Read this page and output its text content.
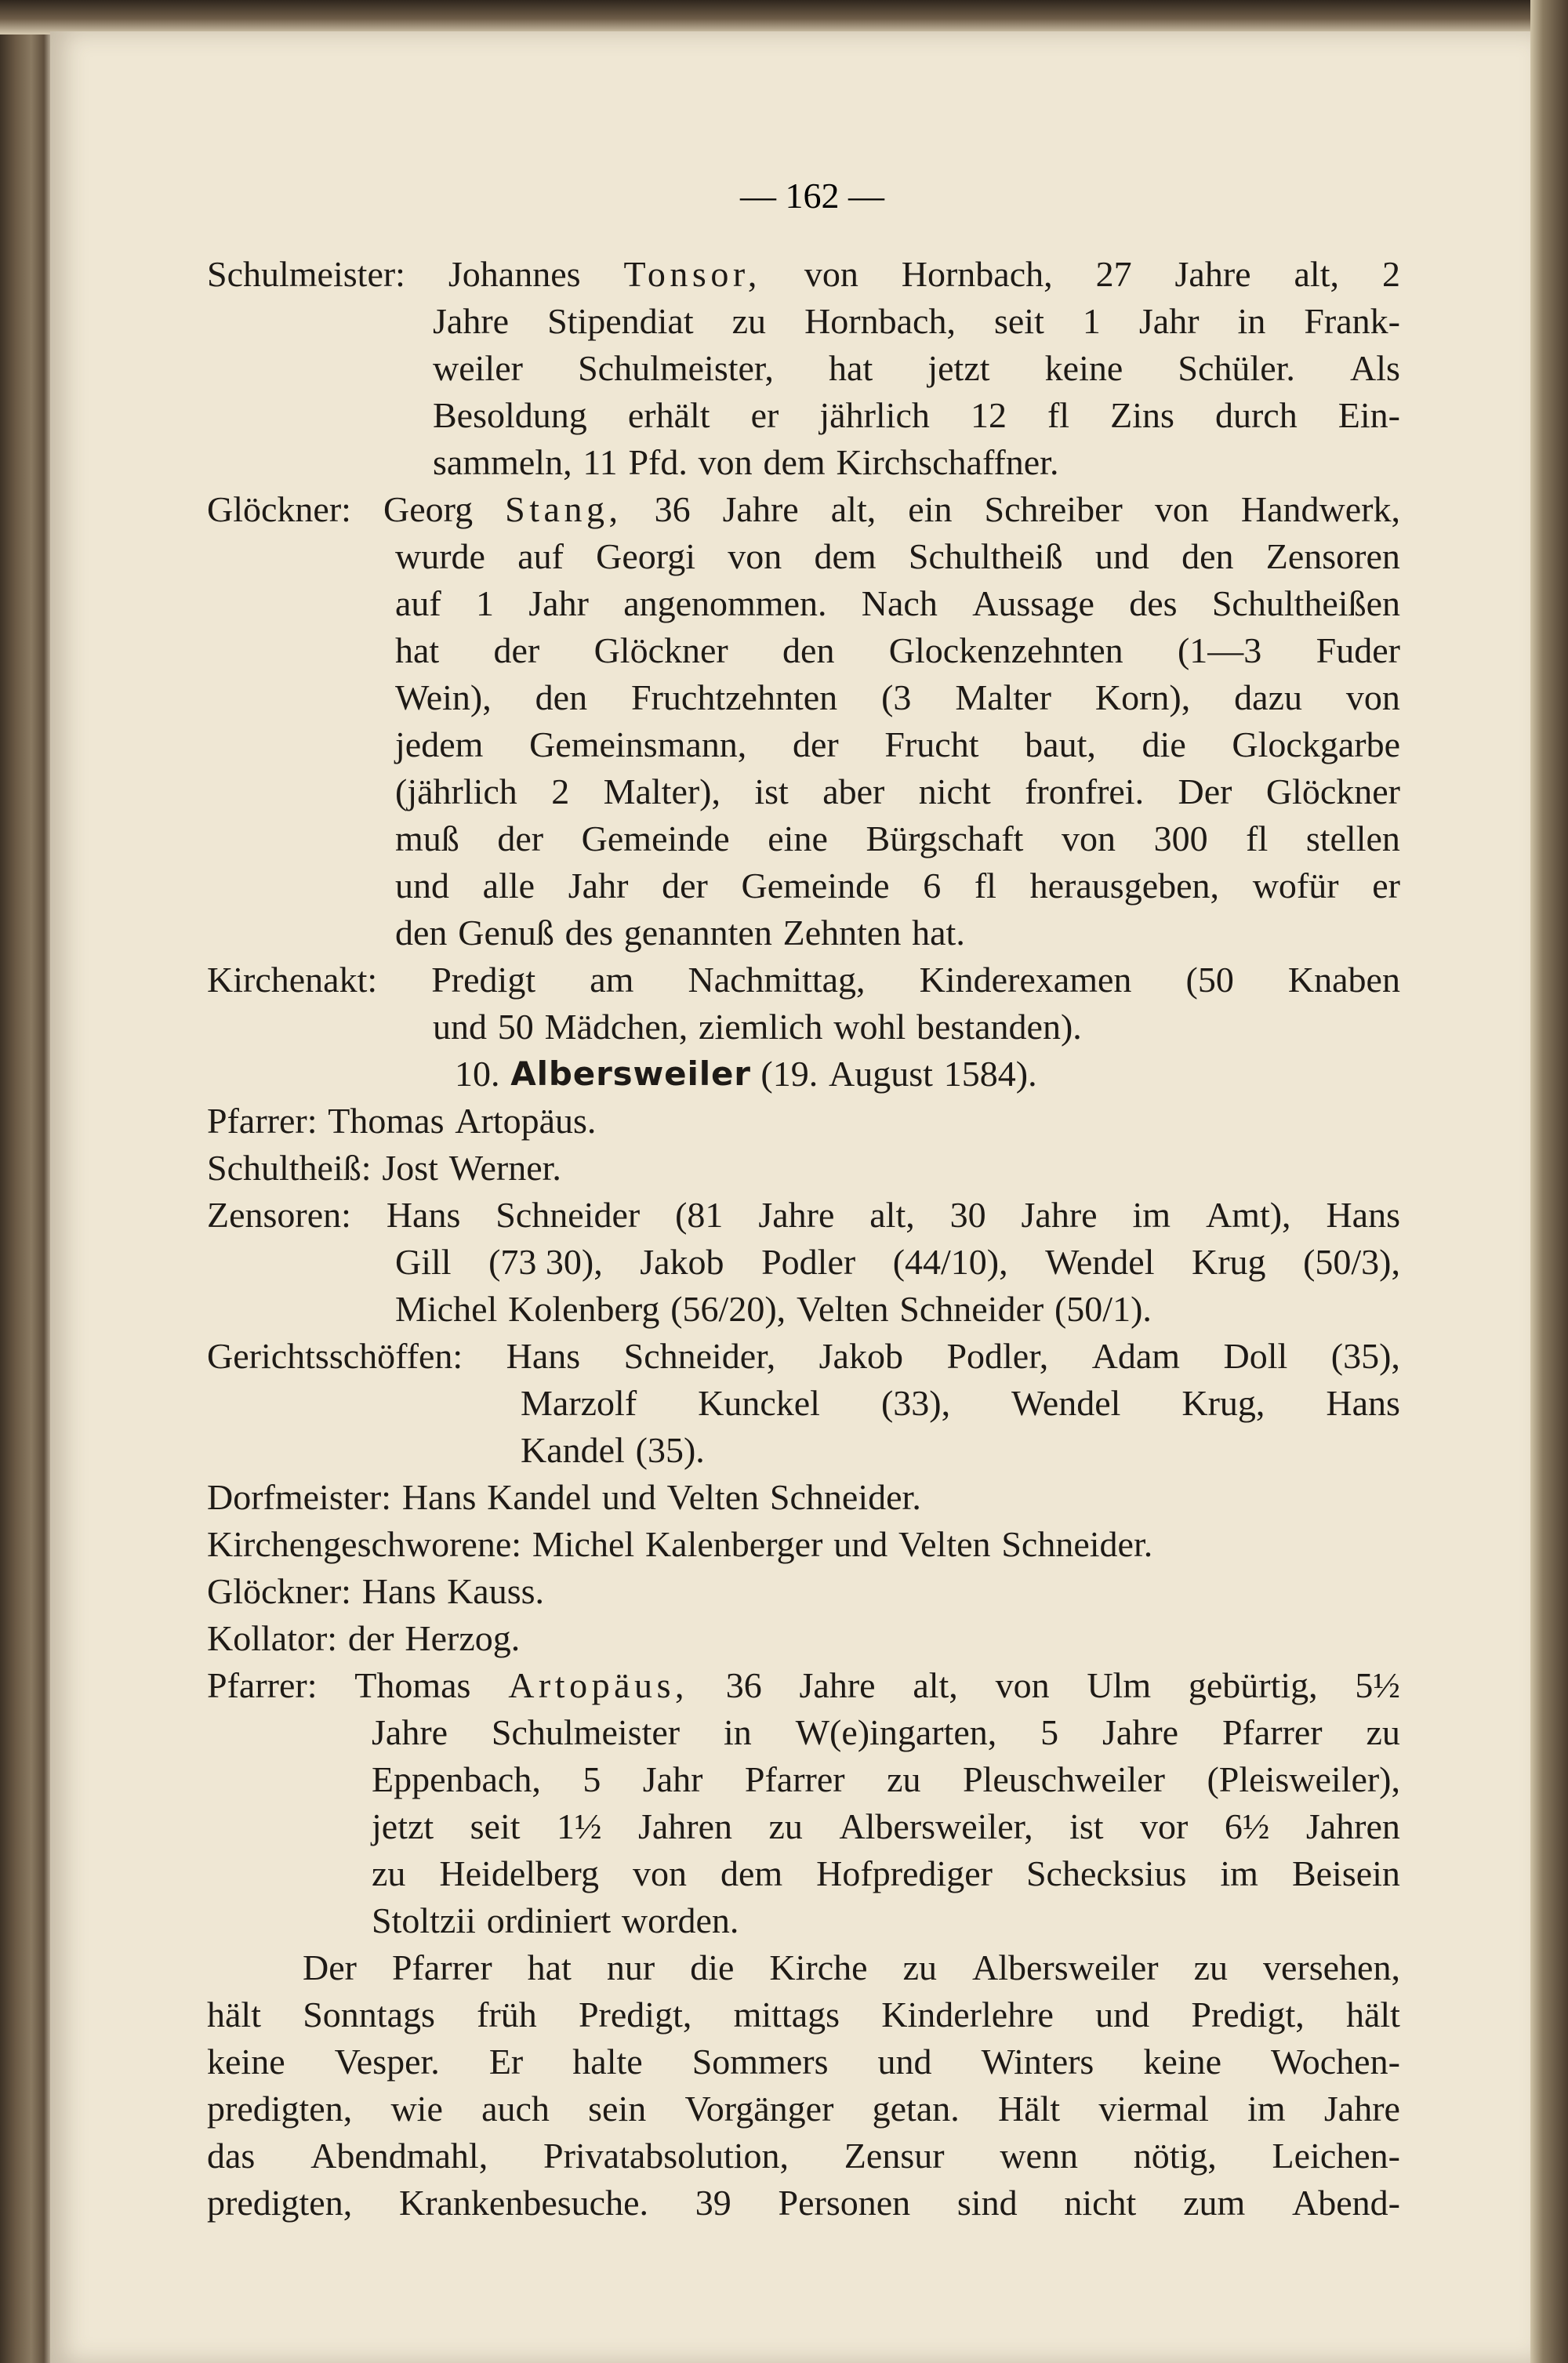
— 162 —
Schulmeister: Johannes Tonsor, von Hornbach, 27 Jahre alt, 2
Jahre Stipendiat zu Hornbach, seit 1 Jahr in Frank-
weiler Schulmeister, hat jetzt keine Schüler. Als
Besoldung erhält er jährlich 12 fl Zins durch Ein-
sammeln, 11 Pfd. von dem Kirchschaffner.
Glöckner: Georg Stang, 36 Jahre alt, ein Schreiber von Handwerk,
wurde auf Georgi von dem Schultheiß und den Zensoren
auf 1 Jahr angenommen. Nach Aussage des Schultheißen
hat der Glöckner den Glockenzehnten (1—3 Fuder
Wein), den Fruchtzehnten (3 Malter Korn), dazu von
jedem Gemeinsmann, der Frucht baut, die Glockgarbe
(jährlich 2 Malter), ist aber nicht fronfrei. Der Glöckner
muß der Gemeinde eine Bürgschaft von 300 fl stellen
und alle Jahr der Gemeinde 6 fl herausgeben, wofür er
den Genuß des genannten Zehnten hat.
Kirchenakt: Predigt am Nachmittag, Kinderexamen (50 Knaben
und 50 Mädchen, ziemlich wohl bestanden).
10. Albersweiler (19. August 1584).
Pfarrer: Thomas Artopäus.
Schultheiß: Jost Werner.
Zensoren: Hans Schneider (81 Jahre alt, 30 Jahre im Amt), Hans
Gill (73 30), Jakob Podler (44/10), Wendel Krug (50/3),
Michel Kolenberg (56/20), Velten Schneider (50/1).
Gerichtsschöffen: Hans Schneider, Jakob Podler, Adam Doll (35),
Marzolf Kunckel (33), Wendel Krug, Hans
Kandel (35).
Dorfmeister: Hans Kandel und Velten Schneider.
Kirchengeschworene: Michel Kalenberger und Velten Schneider.
Glöckner: Hans Kauss.
Kollator: der Herzog.
Pfarrer: Thomas Artopäus, 36 Jahre alt, von Ulm gebürtig, 5½
Jahre Schulmeister in W(e)ingarten, 5 Jahre Pfarrer zu
Eppenbach, 5 Jahr Pfarrer zu Pleuschweiler (Pleisweiler),
jetzt seit 1½ Jahren zu Albersweiler, ist vor 6½ Jahren
zu Heidelberg von dem Hofprediger Schecksius im Beisein
Stoltzii ordiniert worden.
Der Pfarrer hat nur die Kirche zu Albersweiler zu versehen,
hält Sonntags früh Predigt, mittags Kinderlehre und Predigt, hält
keine Vesper. Er halte Sommers und Winters keine Wochen-
predigten, wie auch sein Vorgänger getan. Hält viermal im Jahre
das Abendmahl, Privatabsolution, Zensur wenn nötig, Leichen-
predigten, Krankenbesuche. 39 Personen sind nicht zum Abend-
